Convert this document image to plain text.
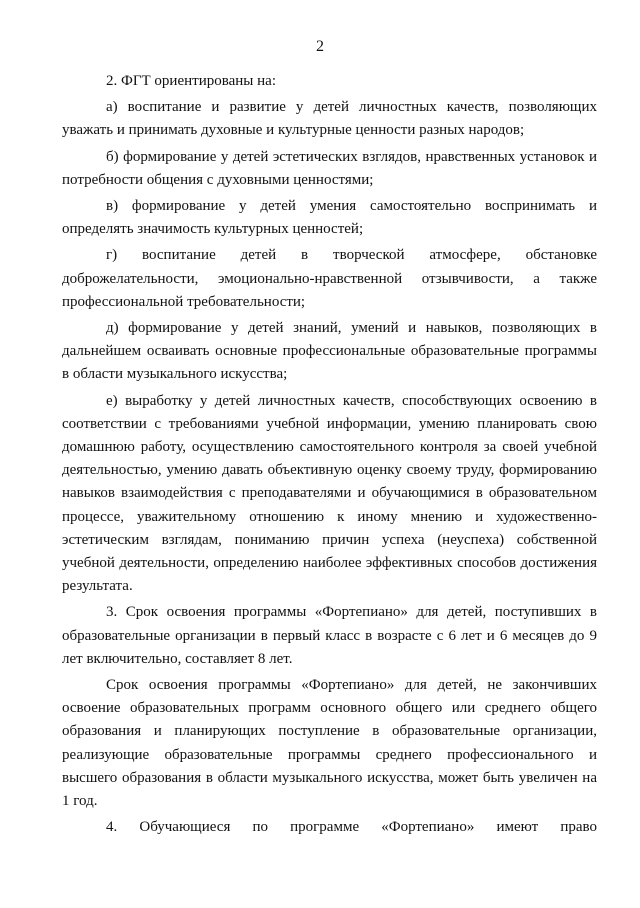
2

2. ФГТ ориентированы на:

а) воспитание и развитие у детей личностных качеств, позволяющих уважать и принимать духовные и культурные ценности разных народов;

б) формирование у детей эстетических взглядов, нравственных установок и потребности общения с духовными ценностями;

в) формирование у детей умения самостоятельно воспринимать и определять значимость культурных ценностей;

г) воспитание детей в творческой атмосфере, обстановке доброжелательности, эмоционально-нравственной отзывчивости, а также профессиональной требовательности;

д) формирование у детей знаний, умений и навыков, позволяющих в дальнейшем осваивать основные профессиональные образовательные программы в области музыкального искусства;

е) выработку у детей личностных качеств, способствующих освоению в соответствии с требованиями учебной информации, умению планировать свою домашнюю работу, осуществлению самостоятельного контроля за своей учебной деятельностью, умению давать объективную оценку своему труду, формированию навыков взаимодействия с преподавателями и обучающимися в образовательном процессе, уважительному отношению к иному мнению и художественно-эстетическим взглядам, пониманию причин успеха (неуспеха) собственной учебной деятельности, определению наиболее эффективных способов достижения результата.

3. Срок освоения программы «Фортепиано» для детей, поступивших в образовательные организации в первый класс в возрасте с 6 лет и 6 месяцев до 9 лет включительно, составляет 8 лет.

Срок освоения программы «Фортепиано» для детей, не закончивших освоение образовательных программ основного общего или среднего общего образования и планирующих поступление в образовательные организации, реализующие образовательные программы среднего профессионального и высшего образования в области музыкального искусства, может быть увеличен на 1 год.

4. Обучающиеся по программе «Фортепиано» имеют право
